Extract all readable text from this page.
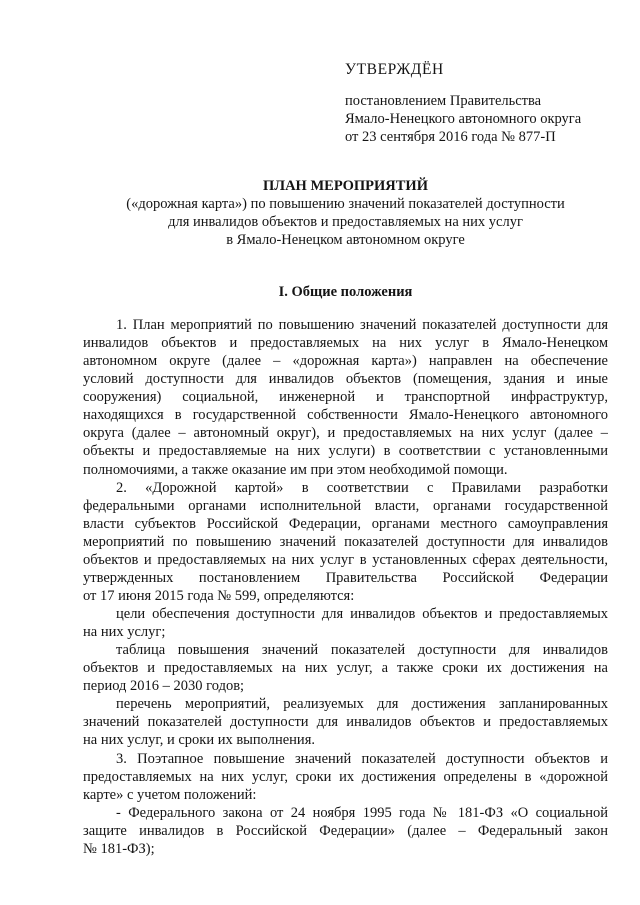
УТВЕРЖДЁН
постановлением Правительства
Ямало-Ненецкого автономного округа
от 23 сентября 2016 года № 877-П
ПЛАН МЕРОПРИЯТИЙ
(«дорожная карта») по повышению значений показателей доступности
для инвалидов объектов и предоставляемых на них услуг
в Ямало-Ненецком автономном округе
I. Общие положения
1. План мероприятий по повышению значений показателей доступности для
инвалидов объектов и предоставляемых на них услуг в Ямало-Ненецком
автономном округе (далее – «дорожная карта») направлен на обеспечение
условий доступности для инвалидов объектов (помещения, здания и иные
сооружения) социальной, инженерной и транспортной инфраструктур,
находящихся в государственной собственности Ямало-Ненецкого автономного
округа (далее – автономный округ), и предоставляемых на них услуг (далее –
объекты и предоставляемые на них услуги) в соответствии с установленными
полномочиями, а также оказание им при этом необходимой помощи.
2. «Дорожной картой» в соответствии с Правилами разработки
федеральными органами исполнительной власти, органами государственной
власти субъектов Российской Федерации, органами местного самоуправления
мероприятий по повышению значений показателей доступности для инвалидов
объектов и предоставляемых на них услуг в установленных сферах деятельности,
утвержденных постановлением Правительства Российской Федерации
от 17 июня 2015 года № 599, определяются:
цели обеспечения доступности для инвалидов объектов и предоставляемых
на них услуг;
таблица повышения значений показателей доступности для инвалидов
объектов и предоставляемых на них услуг, а также сроки их достижения на
период 2016 – 2030 годов;
перечень мероприятий, реализуемых для достижения запланированных
значений показателей доступности для инвалидов объектов и предоставляемых
на них услуг, и сроки их выполнения.
3. Поэтапное повышение значений показателей доступности объектов и
предоставляемых на них услуг, сроки их достижения определены в «дорожной
карте» с учетом положений:
- Федерального закона от 24 ноября 1995 года № 181-ФЗ «О социальной
защите инвалидов в Российской Федерации» (далее – Федеральный закон
№ 181-ФЗ);
